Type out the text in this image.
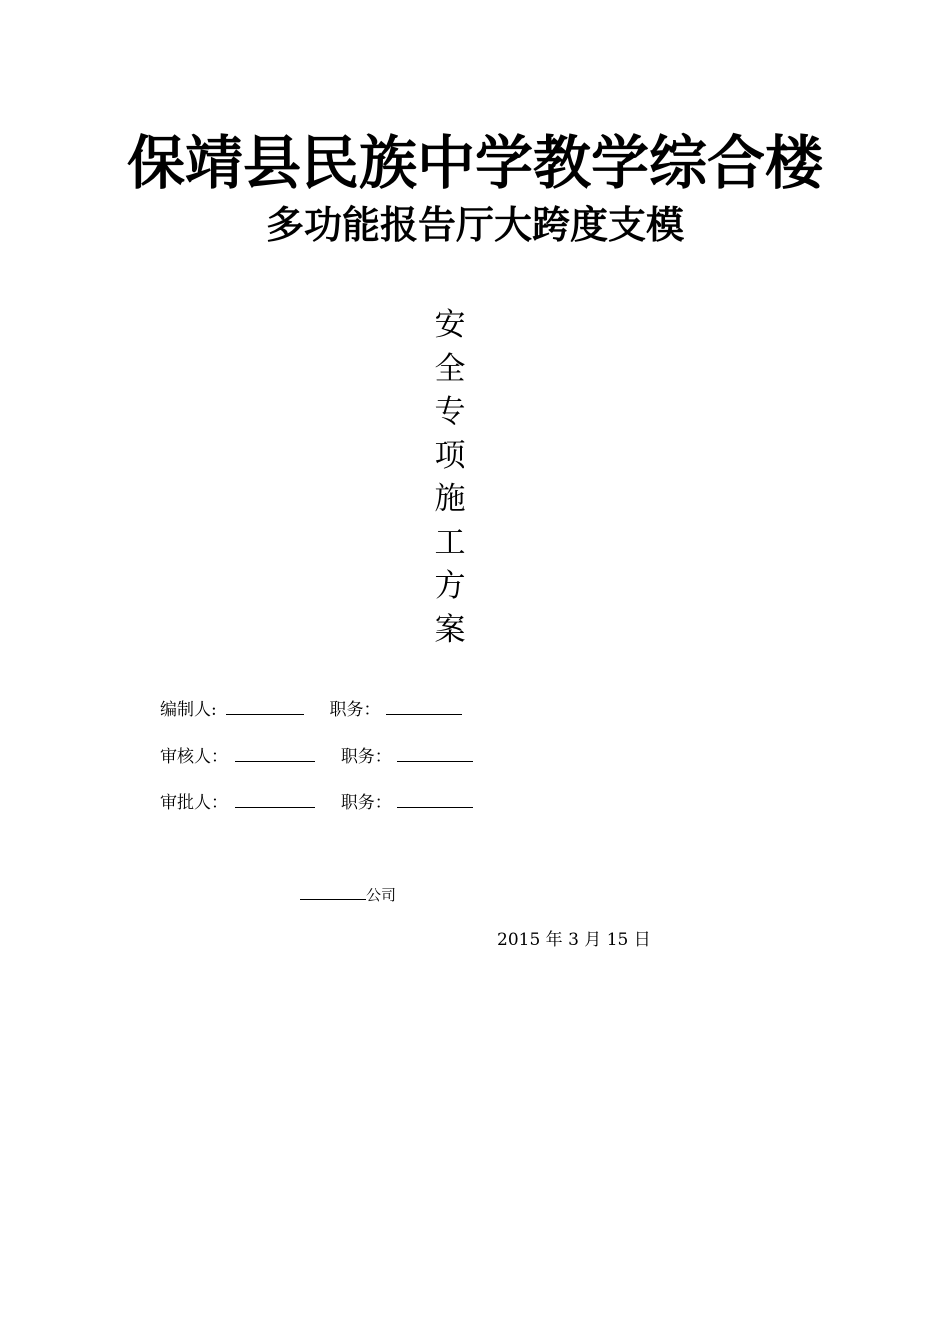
保靖县民族中学教学综合楼
多功能报告厅大跨度支模
安
全
专
项
施
工
方
案
编制人:	职务：
审核人：	职务：
审批人：	职务：
公司
2015 年 3 月 15 日
